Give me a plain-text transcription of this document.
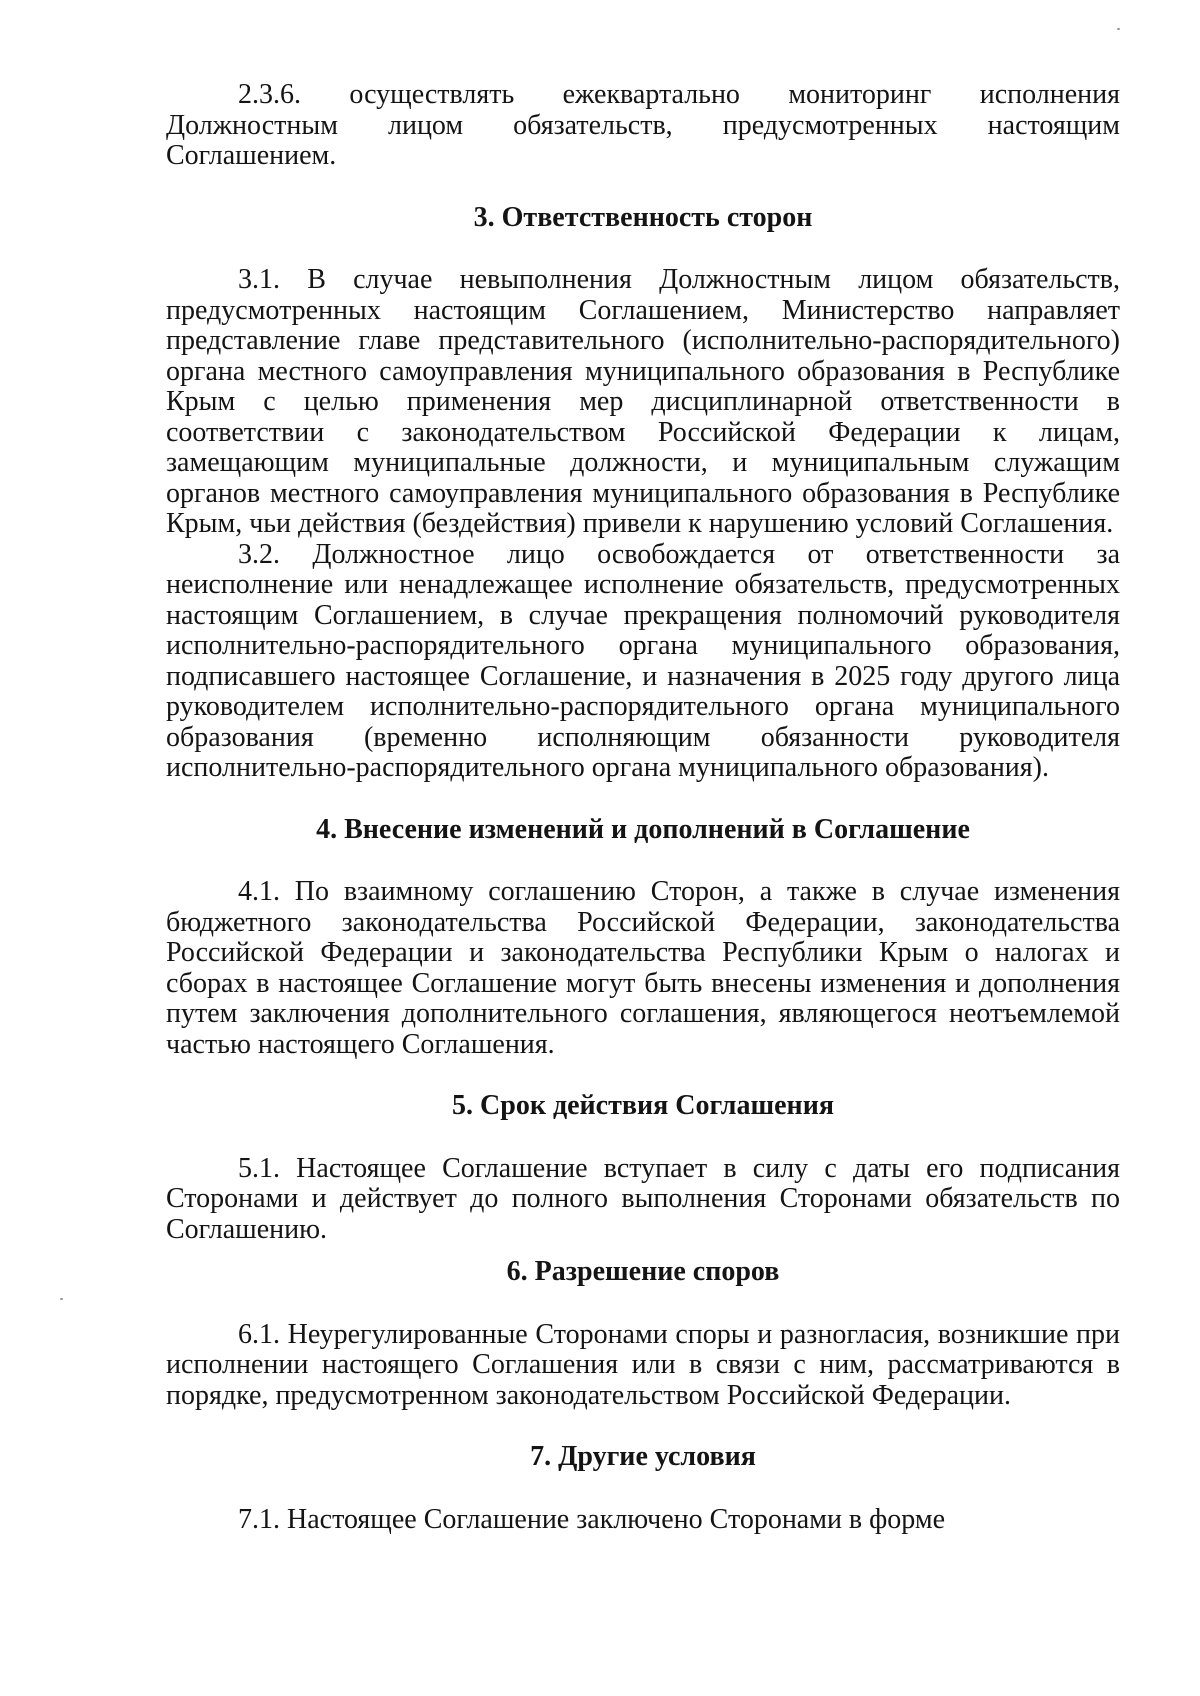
2.3.6. осуществлять ежеквартально мониторинг исполнения Должностным лицом обязательств, предусмотренных настоящим Соглашением.

3. Ответственность сторон

3.1. В случае невыполнения Должностным лицом обязательств, предусмотренных настоящим Соглашением, Министерство направляет представление главе представительного (исполнительно-распорядительного) органа местного самоуправления муниципального образования в Республике Крым с целью применения мер дисциплинарной ответственности в соответствии с законодательством Российской Федерации к лицам, замещающим муниципальные должности, и муниципальным служащим органов местного самоуправления муниципального образования в Республике Крым, чьи действия (бездействия) привели к нарушению условий Соглашения.

3.2. Должностное лицо освобождается от ответственности за неисполнение или ненадлежащее исполнение обязательств, предусмотренных настоящим Соглашением, в случае прекращения полномочий руководителя исполнительно-распорядительного органа муниципального образования, подписавшего настоящее Соглашение, и назначения в 2025 году другого лица руководителем исполнительно-распорядительного органа муниципального образования (временно исполняющим обязанности руководителя исполнительно-распорядительного органа муниципального образования).

4. Внесение изменений и дополнений в Соглашение

4.1. По взаимному соглашению Сторон, а также в случае изменения бюджетного законодательства Российской Федерации, законодательства Российской Федерации и законодательства Республики Крым о налогах и сборах в настоящее Соглашение могут быть внесены изменения и дополнения путем заключения дополнительного соглашения, являющегося неотъемлемой частью настоящего Соглашения.

5. Срок действия Соглашения

5.1. Настоящее Соглашение вступает в силу с даты его подписания Сторонами и действует до полного выполнения Сторонами обязательств по Соглашению.

6. Разрешение споров

6.1. Неурегулированные Сторонами споры и разногласия, возникшие при исполнении настоящего Соглашения или в связи с ним, рассматриваются в порядке, предусмотренном законодательством Российской Федерации.

7. Другие условия

7.1. Настоящее Соглашение заключено Сторонами в форме
